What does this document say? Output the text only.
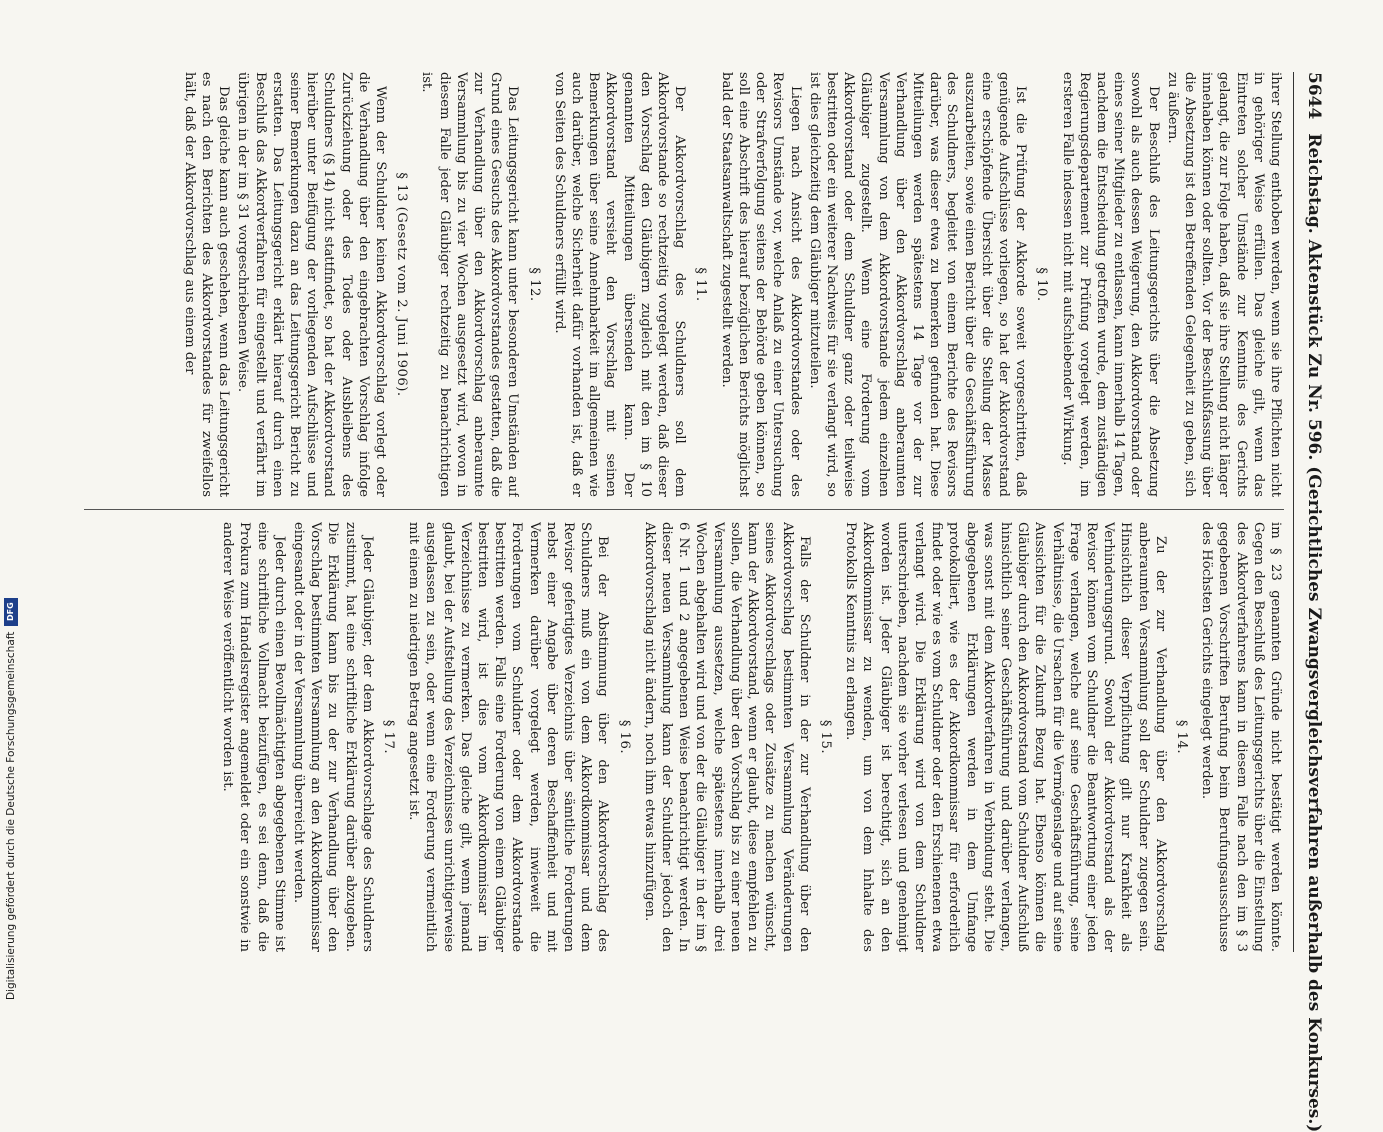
5644
Reichstag. Aktenstück Zu Nr. 596. (Gerichtliches Zwangsvergleichsverfahren außerhalb des Konkurses.)

ihrer Stellung enthoben werden, wenn sie ihre Pflichten nicht in gehöriger Weise erfüllen. Das gleiche gilt, wenn das Eintreten solcher Umstände zur Kenntnis des Gerichts gelangt, die zur Folge haben, daß sie ihre Stellung nicht länger innehaben können oder sollten. Vor der Beschlußfassung über die Absetzung ist den Betreffenden Gelegenheit zu geben, sich zu äußern.

Der Beschluß des Leitungsgerichts über die Absetzung sowohl als auch dessen Weigerung, den Akkordvorstand oder eines seiner Mitglieder zu entlassen, kann innerhalb 14 Tagen, nachdem die Entscheidung getroffen wurde, dem zuständigen Regierungsdepartement zur Prüfung vorgelegt werden, im ersteren Falle indessen nicht mit aufschiebender Wirkung.

§ 10.

Ist die Prüfung der Akkorde soweit vorgeschritten, daß genügende Aufschlüsse vorliegen, so hat der Akkordvorstand eine erschöpfende Übersicht über die Stellung der Masse auszuarbeiten, sowie einen Bericht über die Geschäftsführung des Schuldners, begleitet von einem Berichte des Revisors darüber, was dieser etwa zu bemerken gefunden hat. Diese Mitteilungen werden spätestens 14 Tage vor der zur Verhandlung über den Akkordvorschlag anberaumten Versammlung von dem Akkordvorstande jedem einzelnen Gläubiger zugestellt. Wenn eine Forderung vom Akkordvorstand oder dem Schuldner ganz oder teilweise bestritten oder ein weiterer Nachweis für sie verlangt wird, so ist dies gleichzeitig dem Gläubiger mitzuteilen.

Liegen nach Ansicht des Akkordvorstandes oder des Revisors Umstände vor, welche Anlaß zu einer Untersuchung oder Strafverfolgung seitens der Behörde geben können, so soll eine Abschrift des hierauf bezüglichen Berichts möglichst bald der Staatsanwaltschaft zugestellt werden.

§ 11.

Der Akkordvorschlag des Schuldners soll dem Akkordvorstande so rechtzeitig vorgelegt werden, daß dieser den Vorschlag den Gläubigern zugleich mit den im § 10 genannten Mitteilungen übersenden kann. Der Akkordvorstand versieht den Vorschlag mit seinen Bemerkungen über seine Annehmbarkeit im allgemeinen wie auch darüber, welche Sicherheit dafür vorhanden ist, daß er von Seiten des Schuldners erfüllt wird.

§ 12.

Das Leitungsgericht kann unter besonderen Umständen auf Grund eines Gesuchs des Akkordvorstandes gestatten, daß die zur Verhandlung über den Akkordvorschlag anberaumte Versammlung bis zu vier Wochen ausgesetzt wird, wovon in diesem Falle jeder Gläubiger rechtzeitig zu benachrichtigen ist.

§ 13 (Gesetz vom 2. Juni 1906).

Wenn der Schuldner keinen Akkordvorschlag vorlegt oder die Verhandlung über den eingebrachten Vorschlag infolge Zurückziehung oder des Todes oder Ausbleibens des Schuldners (§ 14) nicht stattfindet, so hat der Akkordvorstand hierüber unter Beifügung der vorliegenden Aufschlüsse und seiner Bemerkungen dazu an das Leitungsgericht Bericht zu erstatten. Das Leitungsgericht erklärt hierauf durch einen Beschluß das Akkordverfahren für eingestellt und verfährt im übrigen in der im § 31 vorgeschriebenen Weise.

Das gleiche kann auch geschehen, wenn das Leitungsgericht es nach den Berichten des Akkordvorstandes für zweifellos hält, daß der Akkordvorschlag aus einem der

im § 23 genannten Gründe nicht bestätigt werden könnte. Gegen den Beschluß des Leitungsgerichts über die Einstellung des Akkordverfahrens kann in diesem Falle nach den im § 3 gegebenen Vorschriften Berufung beim Berufungsausschusse des Höchsten Gerichts eingelegt werden.

§ 14.

Zu der zur Verhandlung über den Akkordvorschlag anberaumten Versammlung soll der Schuldner zugegen sein. Hinsichtlich dieser Verpflichtung gilt nur Krankheit als Verhinderungsgrund. Sowohl der Akkordvorstand als der Revisor können vom Schuldner die Beantwortung einer jeden Frage verlangen, welche auf seine Geschäftsführung, seine Verhältnisse, die Ursachen für die Vermögenslage und auf seine Aussichten für die Zukunft Bezug hat. Ebenso können die Gläubiger durch den Akkordvorstand vom Schuldner Aufschluß hinsichtlich seiner Geschäftsführung und darüber verlangen, was sonst mit dem Akkordverfahren in Verbindung steht. Die abgegebenen Erklärungen werden in dem Umfange protokolliert, wie es der Akkordkommissar für erforderlich findet oder wie es vom Schuldner oder den Erschienenen etwa verlangt wird. Die Erklärung wird von dem Schuldner unterschrieben, nachdem sie vorher verlesen und genehmigt worden ist. Jeder Gläubiger ist berechtigt, sich an den Akkordkommissar zu wenden, um von dem Inhalte des Protokolls Kenntnis zu erlangen.

§ 15.

Falls der Schuldner in der zur Verhandlung über den Akkordvorschlag bestimmten Versammlung Veränderungen seines Akkordvorschlags oder Zusätze zu machen wünscht, kann der Akkordvorstand, wenn er glaubt, diese empfehlen zu sollen, die Verhandlung über den Vorschlag bis zu einer neuen Versammlung aussetzen, welche spätestens innerhalb drei Wochen abgehalten wird und von der die Gläubiger in der im § 6 Nr. 1 und 2 angegebenen Weise benachrichtigt werden. In dieser neuen Versammlung kann der Schuldner jedoch den Akkordvorschlag nicht ändern, noch ihm etwas hinzufügen.

§ 16.

Bei der Abstimmung über den Akkordvorschlag des Schuldners muß ein von dem Akkordkommissar und dem Revisor gefertigtes Verzeichnis über sämtliche Forderungen nebst einer Angabe über deren Beschaffenheit und mit Vermerken darüber vorgelegt werden, inwieweit die Forderungen vom Schuldner oder dem Akkordvorstande bestritten werden. Falls eine Forderung von einem Gläubiger bestritten wird, ist dies vom Akkordkommissar im Verzeichnisse zu vermerken. Das gleiche gilt, wenn jemand glaubt, bei der Aufstellung des Verzeichnisses unrichtigerweise ausgelassen zu sein, oder wenn eine Forderung vermeintlich mit einem zu niedrigen Betrag angesetzt ist.

§ 17.

Jeder Gläubiger, der dem Akkordvorschlage des Schuldners zustimmt, hat eine schriftliche Erklärung darüber abzugeben. Die Erklärung kann bis zu der zur Verhandlung über den Vorschlag bestimmten Versammlung an den Akkordkommissar eingesandt oder in der Versammlung überreicht werden.

Jeder durch einen Bevollmächtigten abgegebenen Stimme ist eine schriftliche Vollmacht beizufügen, es sei denn, daß die Prokura zum Handelsregister angemeldet oder ein sonstwie in anderer Weise veröffentlicht worden ist.

Digitalisierung gefördert durch die Deutsche Forschungsgemeinschaft
DFG
